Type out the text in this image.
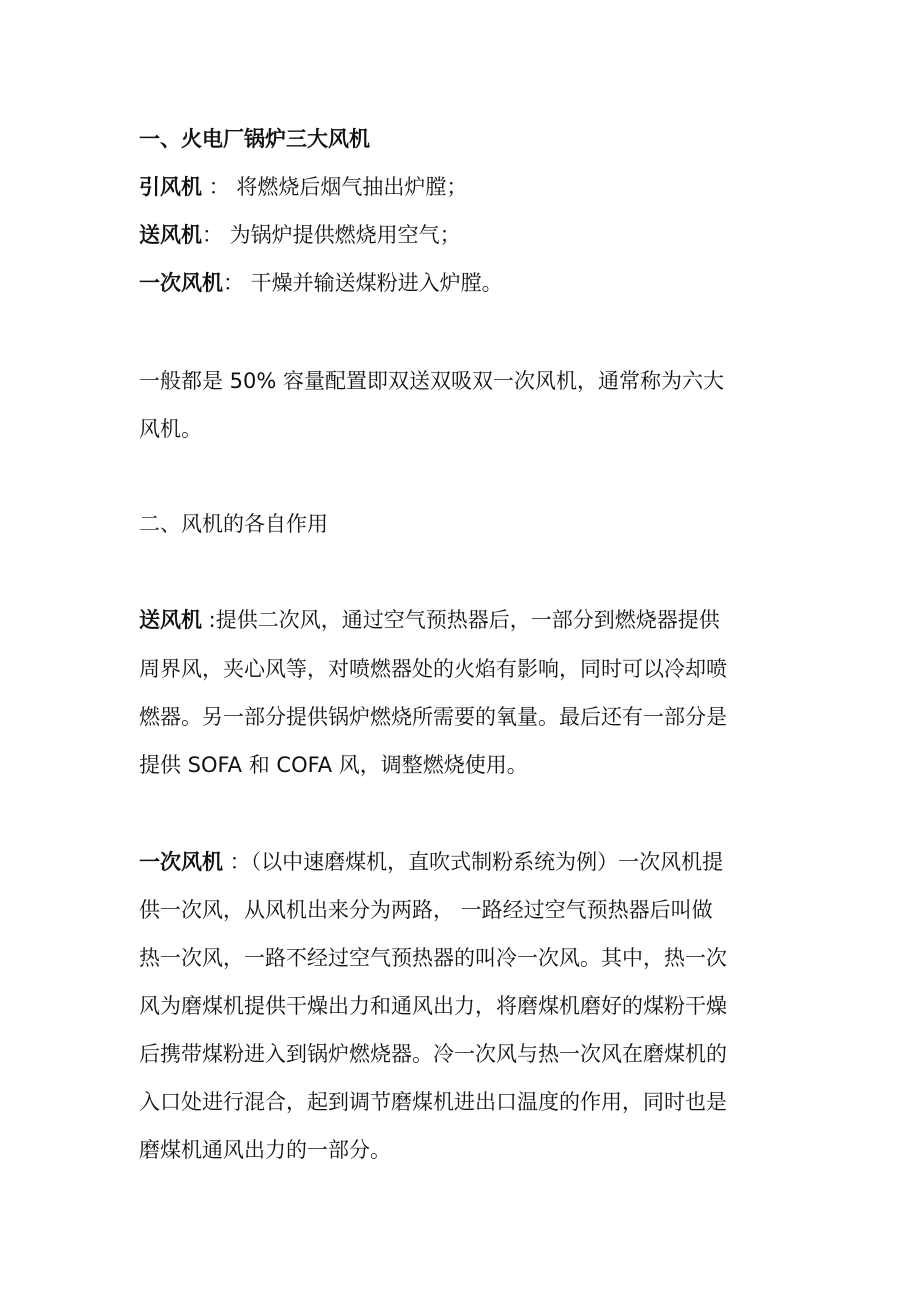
一、火电厂锅炉三大风机
引风机 ： 将燃烧后烟气抽出炉膛；
送风机： 为锅炉提供燃烧用空气；
一次风机： 干燥并输送煤粉进入炉膛。
一般都是 50% 容量配置即双送双吸双一次风机，通常称为六大
风机。
二、风机的各自作用
送风机 :提供二次风，通过空气预热器后，一部分到燃烧器提供
周界风，夹心风等，对喷燃器处的火焰有影响，同时可以冷却喷
燃器。另一部分提供锅炉燃烧所需要的氧量。最后还有一部分是
提供 SOFA 和 COFA 风，调整燃烧使用。
一次风机 ：（以中速磨煤机，直吹式制粉系统为例）一次风机提
供一次风，从风机出来分为两路， 一路经过空气预热器后叫做
热一次风，一路不经过空气预热器的叫冷一次风。其中，热一次
风为磨煤机提供干燥出力和通风出力，将磨煤机磨好的煤粉干燥
后携带煤粉进入到锅炉燃烧器。冷一次风与热一次风在磨煤机的
入口处进行混合，起到调节磨煤机进出口温度的作用，同时也是
磨煤机通风出力的一部分。
